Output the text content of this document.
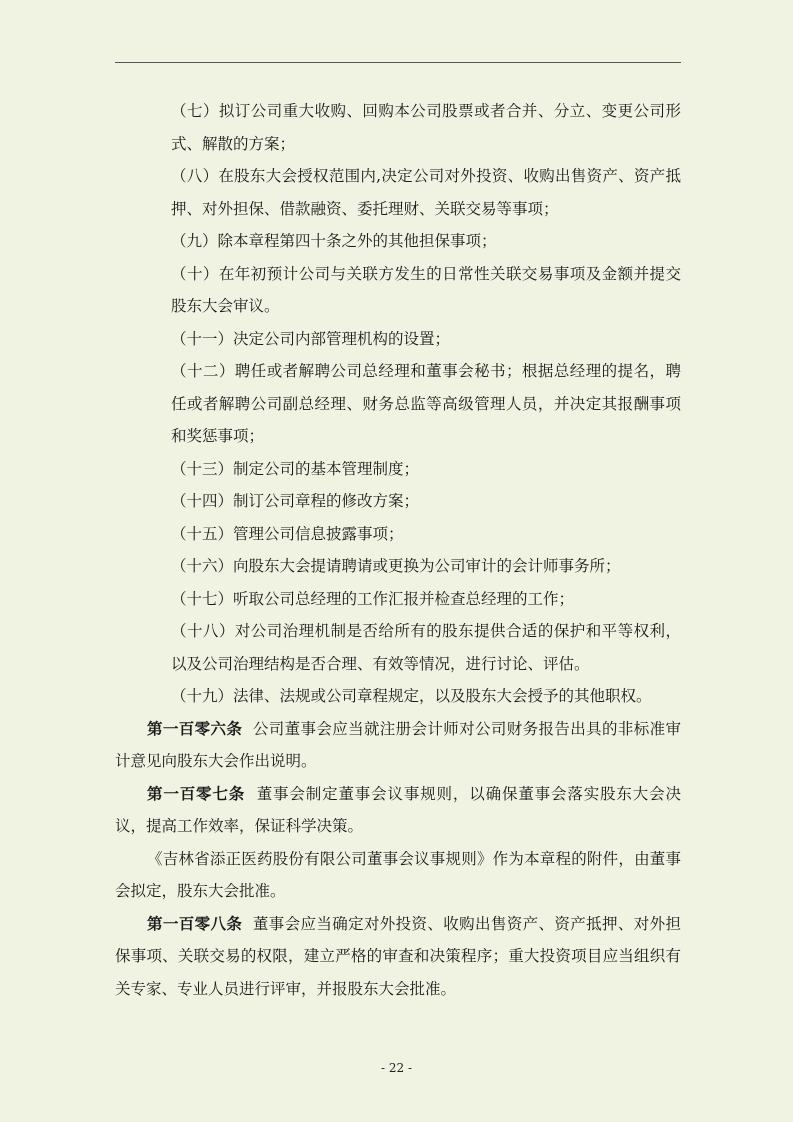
（七）拟订公司重大收购、回购本公司股票或者合并、分立、变更公司形式、解散的方案；
（八）在股东大会授权范围内,决定公司对外投资、收购出售资产、资产抵押、对外担保、借款融资、委托理财、关联交易等事项；
（九）除本章程第四十条之外的其他担保事项；
（十）在年初预计公司与关联方发生的日常性关联交易事项及金额并提交股东大会审议。
（十一）决定公司内部管理机构的设置；
（十二）聘任或者解聘公司总经理和董事会秘书；根据总经理的提名，聘任或者解聘公司副总经理、财务总监等高级管理人员，并决定其报酬事项和奖惩事项；
（十三）制定公司的基本管理制度；
（十四）制订公司章程的修改方案；
（十五）管理公司信息披露事项；
（十六）向股东大会提请聘请或更换为公司审计的会计师事务所；
（十七）听取公司总经理的工作汇报并检查总经理的工作；
（十八）对公司治理机制是否给所有的股东提供合适的保护和平等权利，以及公司治理结构是否合理、有效等情况，进行讨论、评估。
（十九）法律、法规或公司章程规定，以及股东大会授予的其他职权。
第一百零六条 公司董事会应当就注册会计师对公司财务报告出具的非标准审计意见向股东大会作出说明。
第一百零七条 董事会制定董事会议事规则，以确保董事会落实股东大会决议，提高工作效率，保证科学决策。
《吉林省添正医药股份有限公司董事会议事规则》作为本章程的附件，由董事会拟定，股东大会批准。
第一百零八条 董事会应当确定对外投资、收购出售资产、资产抵押、对外担保事项、关联交易的权限，建立严格的审查和决策程序；重大投资项目应当组织有关专家、专业人员进行评审，并报股东大会批准。
- 22 -
